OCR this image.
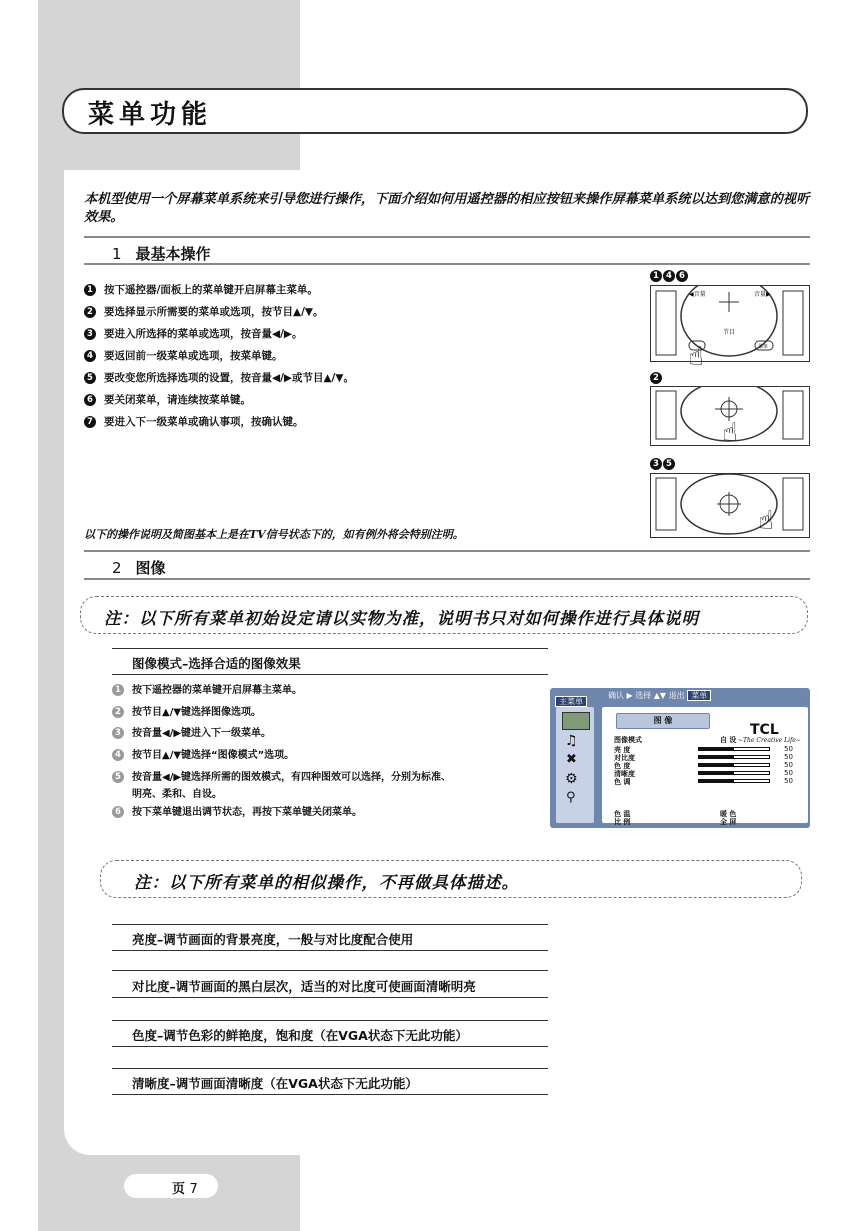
菜单功能
本机型使用一个屏幕菜单系统来引导您进行操作，下面介绍如何用遥控器的相应按钮来操作屏幕菜单系统以达到您满意的视听效果。
1 最基本操作
1 按下遥控器/面板上的菜单键开启屏幕主菜单。
2 要选择显示所需要的菜单或选项，按节目▲/▼。
3 要进入所选择的菜单或选项，按音量◀/▶。
4 要返回前一级菜单或选项，按菜单键。
5 要改变您所选择选项的设置，按音量◀/▶或节目▲/▼。
6 要关闭菜单，请连续按菜单键。
7 要进入下一级菜单或确认事项，按确认键。
1 4 6
◀音量	音量▶
节目
菜单
☝
2
☝
3 5
☝
以下的操作说明及简图基本上是在TV信号状态下的，如有例外将会特别注明。
2 图像
注：以下所有菜单初始设定请以实物为准，说明书只对如何操作进行具体说明
图像模式–选择合适的图像效果
1 按下遥控器的菜单键开启屏幕主菜单。
2 按节目▲/▼键选择图像选项。
3 按音量◀/▶键进入下一级菜单。
4 按节目▲/▼键选择“图像模式”选项。
5 按音量◀/▶键选择所需的图效模式，有四种图效可以选择，分别为标准、
明亮、柔和、自设。
6 按下菜单键退出调节状态，再按下菜单键关闭菜单。
主菜单
确认 ▶ 选择 ▲▼ 退出 菜单
♫
✖
⚙
⚲
TCL
~The Creative Life~
图 像
图像模式	自 设
亮 度	50
对比度	50
色 度	50
清晰度	50
色 调	50
色 温	暖 色
比 例	全 屏
注：以下所有菜单的相似操作，不再做具体描述。
亮度–调节画面的背景亮度，一般与对比度配合使用
对比度–调节画面的黑白层次，适当的对比度可使画面清晰明亮
色度–调节色彩的鲜艳度，饱和度（在VGA状态下无此功能）
清晰度–调节画面清晰度（在VGA状态下无此功能）
页 7
